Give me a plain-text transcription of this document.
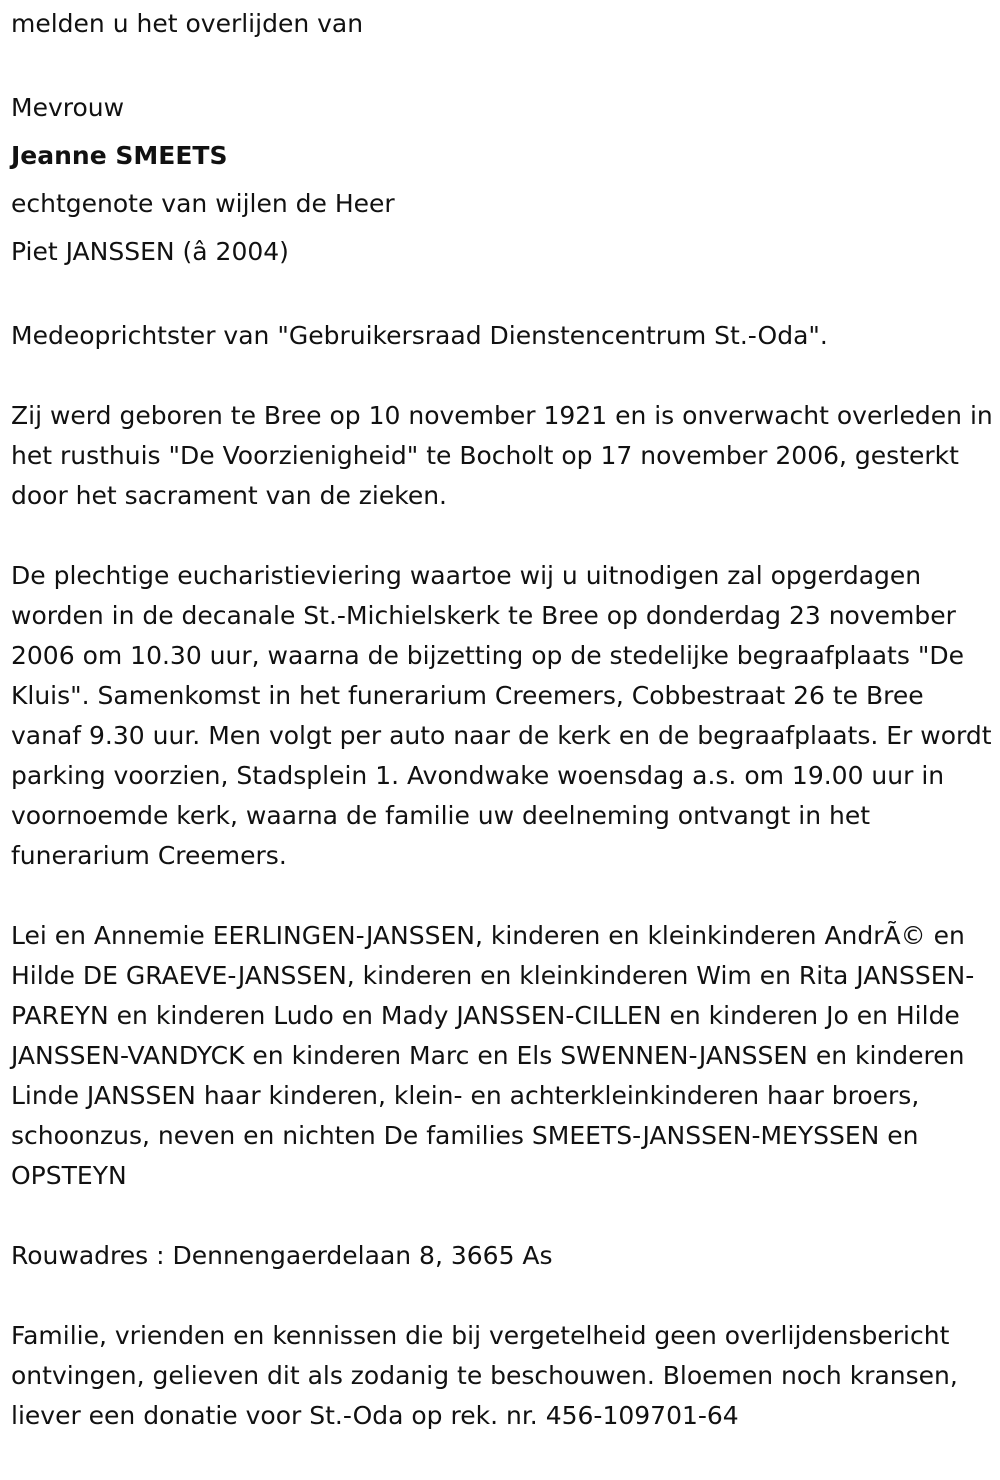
melden u het overlijden van

Mevrouw

Jeanne SMEETS

echtgenote van wijlen de Heer

Piet JANSSEN (â 2004)

Medeoprichtster van "Gebruikersraad Dienstencentrum St.-Oda".

Zij werd geboren te Bree op 10 november 1921 en is onverwacht overleden in het rusthuis "De Voorzienigheid" te Bocholt op 17 november 2006, gesterkt door het sacrament van de zieken.

De plechtige eucharistieviering waartoe wij u uitnodigen zal opgerdagen worden in de decanale St.-Michielskerk te Bree op donderdag 23 november 2006 om 10.30 uur, waarna de bijzetting op de stedelijke begraafplaats "De Kluis". Samenkomst in het funerarium Creemers, Cobbestraat 26 te Bree vanaf 9.30 uur. Men volgt per auto naar de kerk en de begraafplaats. Er wordt parking voorzien, Stadsplein 1. Avondwake woensdag a.s. om 19.00 uur in voornoemde kerk, waarna de familie uw deelneming ontvangt in het funerarium Creemers.

Lei en Annemie EERLINGEN-JANSSEN, kinderen en kleinkinderen AndrÃ© en Hilde DE GRAEVE-JANSSEN, kinderen en kleinkinderen Wim en Rita JANSSEN-PAREYN en kinderen Ludo en Mady JANSSEN-CILLEN en kinderen Jo en Hilde JANSSEN-VANDYCK en kinderen Marc en Els SWENNEN-JANSSEN en kinderen Linde JANSSEN haar kinderen, klein- en achterkleinkinderen haar broers, schoonzus, neven en nichten De families SMEETS-JANSSEN-MEYSSEN en OPSTEYN

Rouwadres : Dennengaerdelaan 8, 3665 As

Familie, vrienden en kennissen die bij vergetelheid geen overlijdensbericht ontvingen, gelieven dit als zodanig te beschouwen. Bloemen noch kransen, liever een donatie voor St.-Oda op rek. nr. 456-109701-64
